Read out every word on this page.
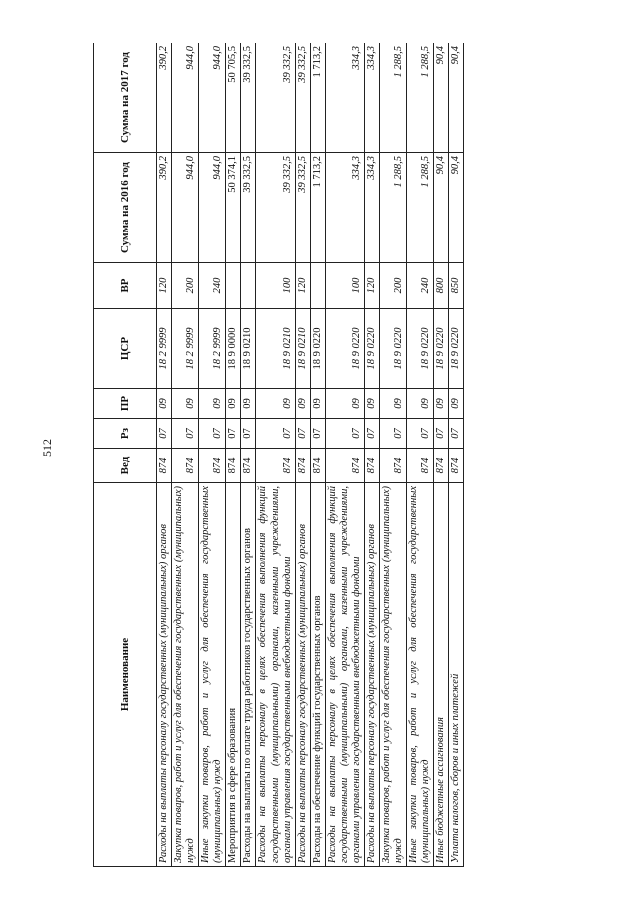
512
Наименование	Вед	Рз	ПР	ЦСР	ВР	Сумма на 2016 год	Сумма на 2017 год
Расходы на выплаты персоналу государственных (муниципальных) органов	874	07	09	18 2 9999	120	390,2	390,2
Закупка товаров, работ и услуг для обеспечения государственных (муниципальных) нужд	874	07	09	18 2 9999	200	944,0	944,0
Иные закупки товаров, работ и услуг для обеспечения государственных (муниципальных) нужд	874	07	09	18 2 9999	240	944,0	944,0
Мероприятия в сфере образования	874	07	09	18 9 0000		50 374,1	50 705,5
Расходы на выплаты по оплате труда работников государственных органов	874	07	09	18 9 0210		39 332,5	39 332,5
Расходы на выплаты персоналу в целях обеспечения выполнения функций государственными (муниципальными) органами, казенными учреждениями, органами управления государственными внебюджетными фондами	874	07	09	18 9 0210	100	39 332,5	39 332,5
Расходы на выплаты персоналу государственных (муниципальных) органов	874	07	09	18 9 0210	120	39 332,5	39 332,5
Расходы на обеспечение функций государственных органов	874	07	09	18 9 0220		1 713,2	1 713,2
Расходы на выплаты персоналу в целях обеспечения выполнения функций государственными (муниципальными) органами, казенными учреждениями, органами управления государственными внебюджетными фондами	874	07	09	18 9 0220	100	334,3	334,3
Расходы на выплаты персоналу государственных (муниципальных) органов	874	07	09	18 9 0220	120	334,3	334,3
Закупка товаров, работ и услуг для обеспечения государственных (муниципальных) нужд	874	07	09	18 9 0220	200	1 288,5	1 288,5
Иные закупки товаров, работ и услуг для обеспечения государственных (муниципальных) нужд	874	07	09	18 9 0220	240	1 288,5	1 288,5
Иные бюджетные ассигнования	874	07	09	18 9 0220	800	90,4	90,4
Уплата налогов, сборов и иных платежей	874	07	09	18 9 0220	850	90,4	90,4
